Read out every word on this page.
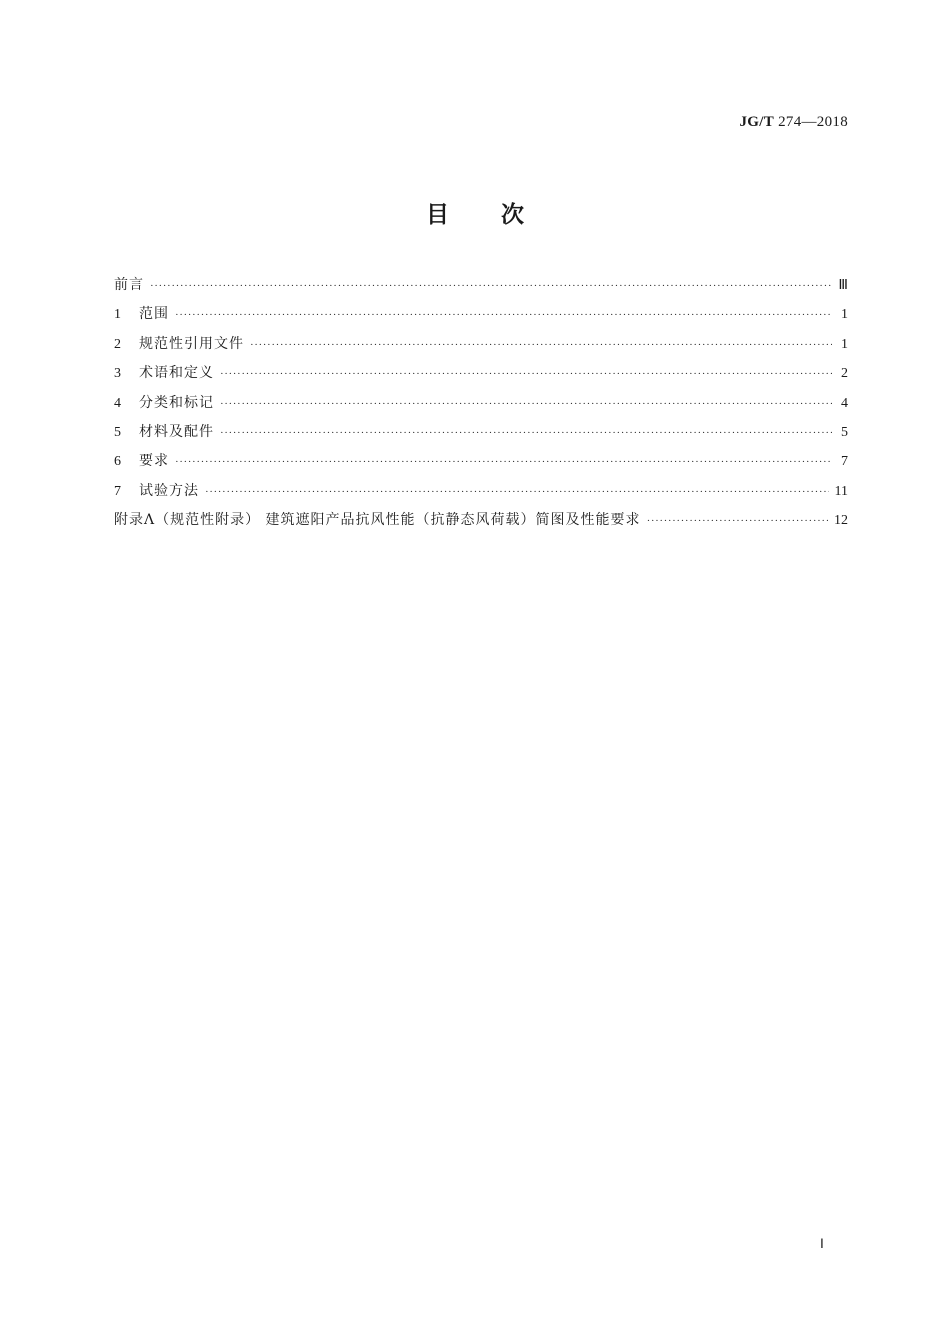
JG/T 274—2018
目次
前言 ·····	Ⅲ
1	范围 ·····	1
2	规范性引用文件 ·····	1
3	术语和定义 ·····	2
4	分类和标记 ·····	4
5	材料及配件 ·····	5
6	要求 ·····	7
7	试验方法 ·····	11
附录Λ（规范性附录） 建筑遮阳产品抗风性能（抗静态风荷载）简图及性能要求 ·····	12
Ⅰ
